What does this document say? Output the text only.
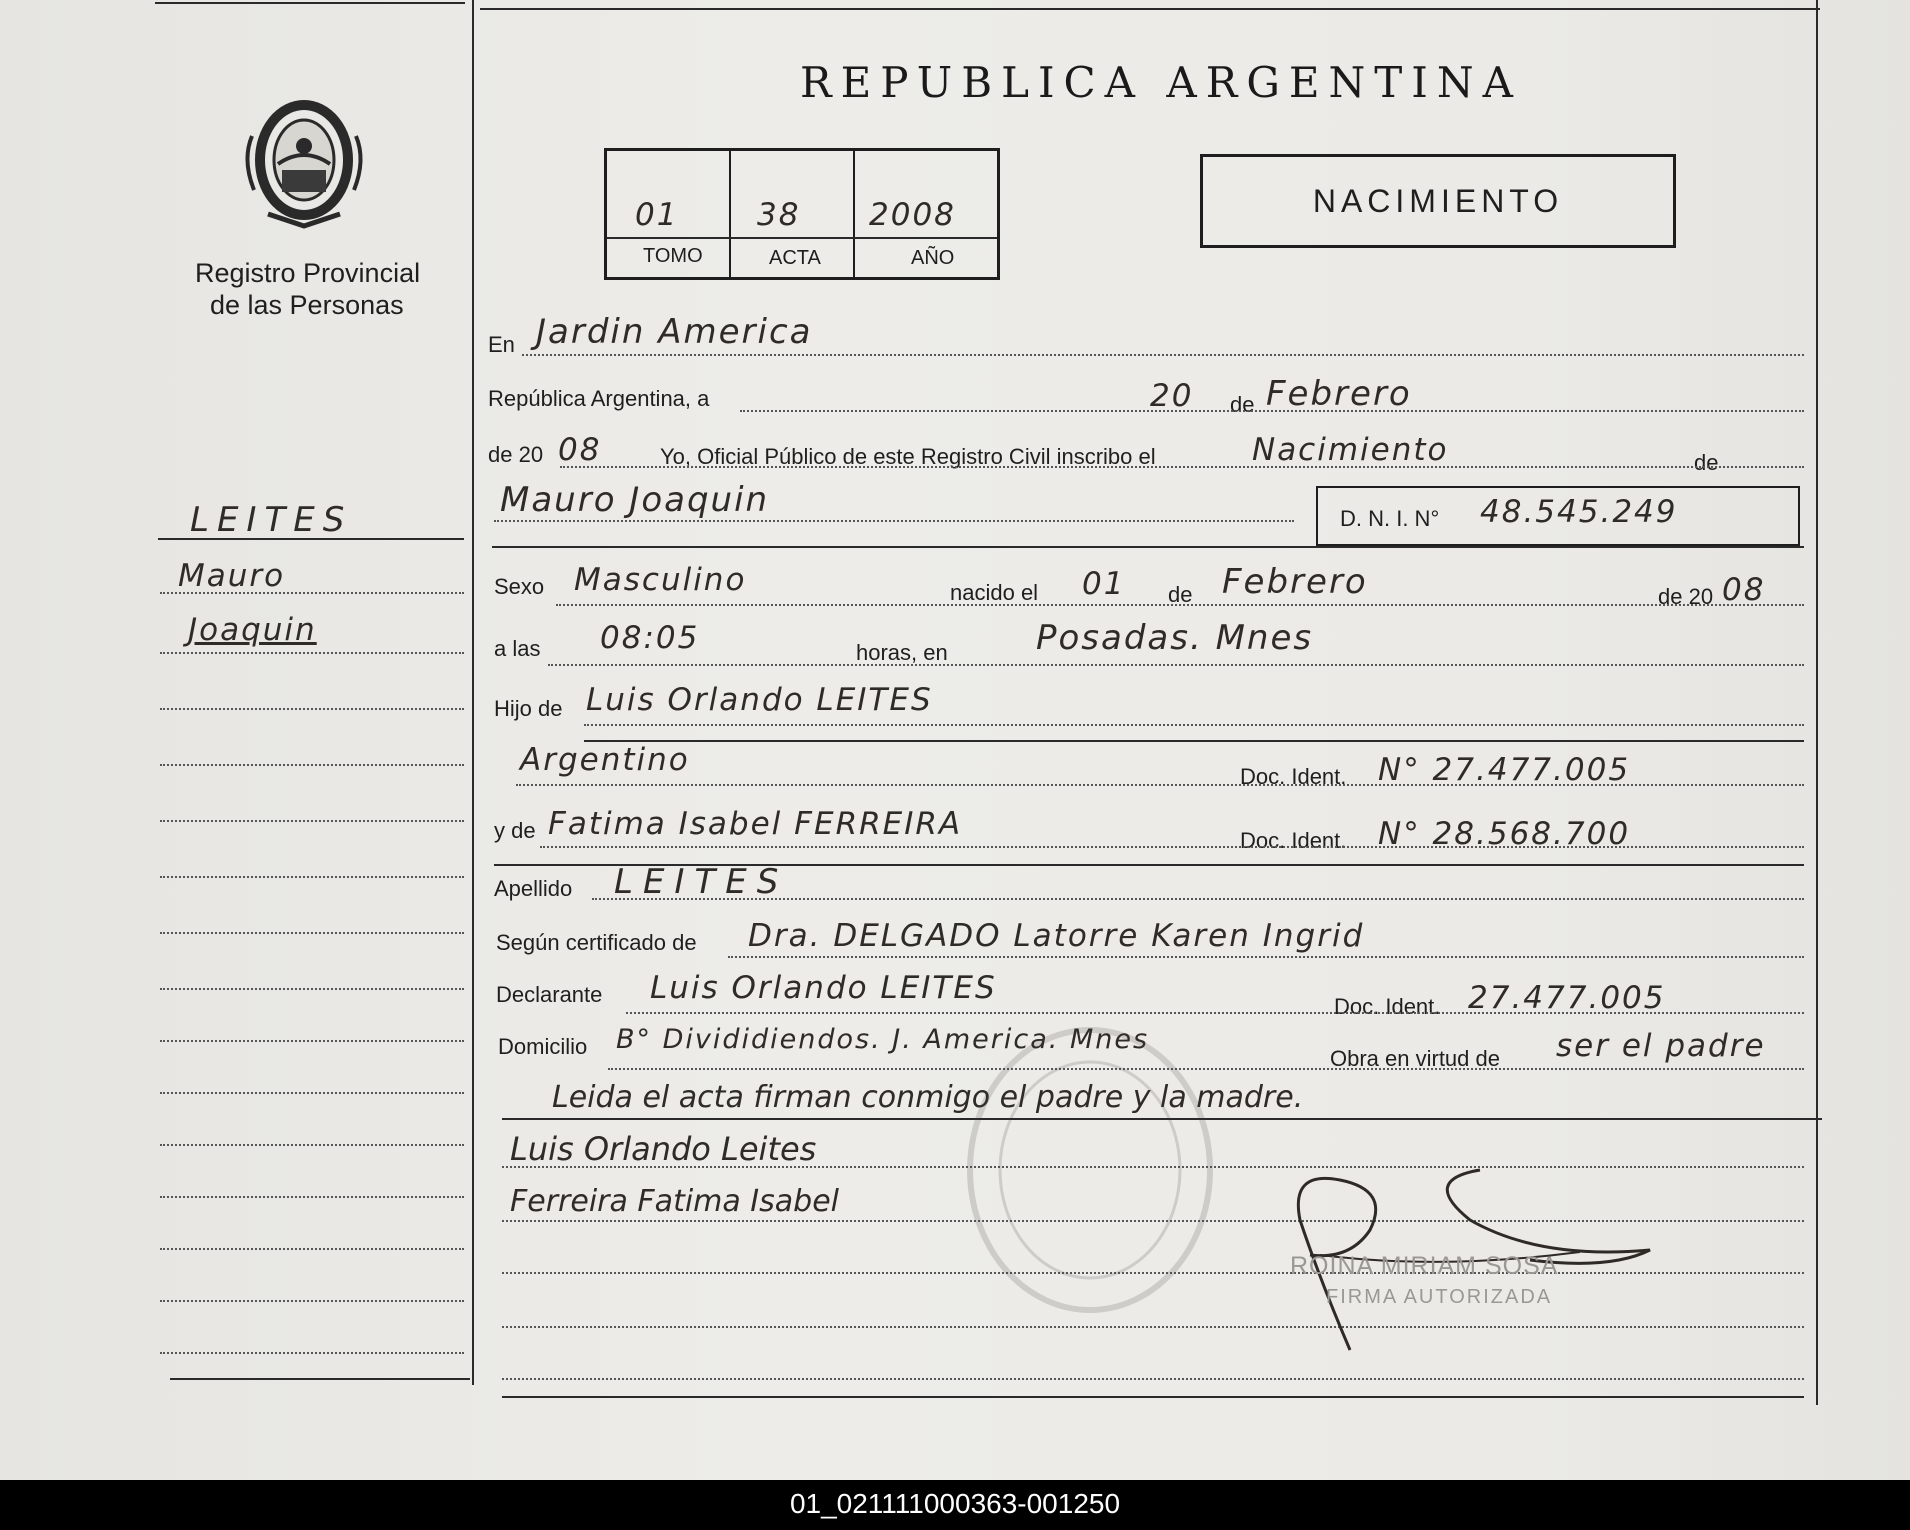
Registro Provincial
de las Personas
REPUBLICA ARGENTINA
01	38 2008
TOMO	ACTA	AÑO
NACIMIENTO
LEITES
Mauro
Joaquin
En Jardin America
República Argentina, a	20 de Febrero
de 20 08	Yo, Oficial Público de este Registro Civil inscribo el	Nacimiento	de
Mauro Joaquin	D. N. I. N° 48.545.249
Sexo Masculino	nacido el 01 de Febrero	de 20 08
a las 08:05	horas, en	Posadas. Mnes
Hijo de Luis Orlando LEITES
Argentino	Doc. Ident. N° 27.477.005
y de Fatima Isabel FERREIRA	Doc. Ident. N° 28.568.700
Apellido LEITES
Según certificado de Dra. DELGADO Latorre Karen Ingrid
Declarante Luis Orlando LEITES
Doc. Ident. 27.477.005
Domicilio B° Divididiendos. J. America. Mnes
Obra en virtud de ser el padre
Leida el acta firman conmigo el padre y la madre.
Luis Orlando Leites
Ferreira Fatima Isabel
ROINA MIRIAM SOSA
FIRMA AUTORIZADA
01_021111000363-001250
